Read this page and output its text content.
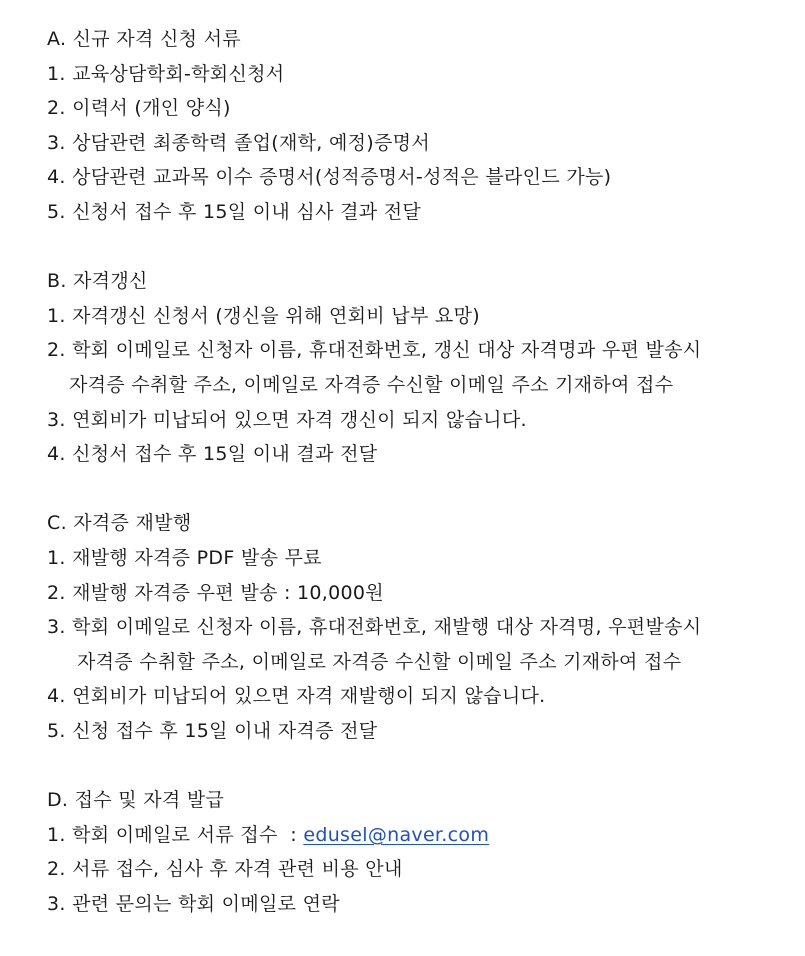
A. 신규 자격 신청 서류
1. 교육상담학회-학회신청서
2. 이력서 (개인 양식)
3. 상담관련 최종학력 졸업(재학, 예정)증명서
4. 상담관련 교과목 이수 증명서(성적증명서-성적은 블라인드 가능)
5. 신청서 접수 후 15일 이내 심사 결과 전달
B. 자격갱신
1. 자격갱신 신청서 (갱신을 위해 연회비 납부 요망)
2. 학회 이메일로 신청자 이름, 휴대전화번호, 갱신 대상 자격명과 우편 발송시
자격증 수취할 주소, 이메일로 자격증 수신할 이메일 주소 기재하여 접수
3. 연회비가 미납되어 있으면 자격 갱신이 되지 않습니다.
4. 신청서 접수 후 15일 이내 결과 전달
C. 자격증 재발행
1. 재발행 자격증 PDF 발송 무료
2. 재발행 자격증 우편 발송 : 10,000원
3. 학회 이메일로 신청자 이름, 휴대전화번호, 재발행 대상 자격명, 우편발송시
자격증 수취할 주소, 이메일로 자격증 수신할 이메일 주소 기재하여 접수
4. 연회비가 미납되어 있으면 자격 재발행이 되지 않습니다.
5. 신청 접수 후 15일 이내 자격증 전달
D. 접수 및 자격 발급
1. 학회 이메일로 서류 접수  : edusel@naver.com
2. 서류 접수, 심사 후 자격 관련 비용 안내
3. 관련 문의는 학회 이메일로 연락
